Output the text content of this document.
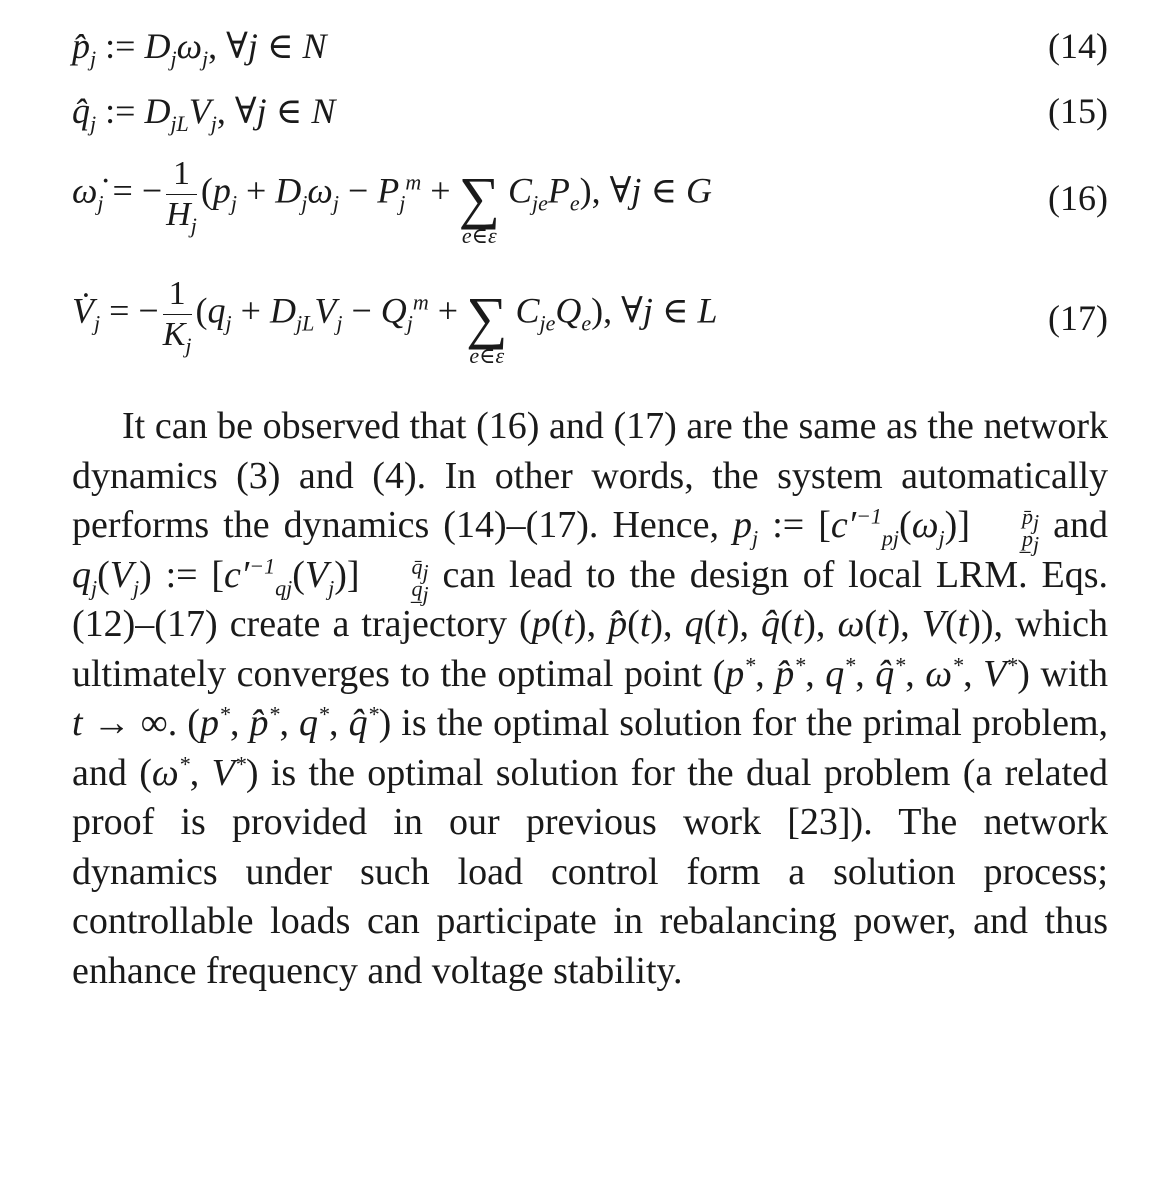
$p̂_j$ := $D_j\omega_j$, ∀j ∈ N	(14)
$q̂_j$ := $D_{jL}V_j$, ∀j ∈ N	(15)
$\omegȧ_j$ = − $\frac{1}{H_j} (p_j + D_j\omega_j - P_j^m$ + ∑
e∈ε
$C_{je}P_e$), ∀j ∈ G	(16)
$V̇_j$ = − $\frac{1}{K_j} (q_j + D_{jL}V_j - Q_j^m$ + ∑
e∈ε
$C_{je}Q_e$), ∀j ∈ L	(17)

It can be observed that (16) and (17) are the same as the network dynamics (3) and (4). In other words, the system automatically performs the dynamics (14)–(17). Hence, $p_j$ := $[c'^{-1}_{pj}(\omega_j)]$	$p̄_j$
$p̲_j$ and $q_j(V_j)$ := $[c'^{-1}_{qj}(V_j)]$	$q̄_j$
$q̲_j$ can lead to the design of local LRM. Eqs. (12)–(17) create a trajectory (p(t), p̂(t), q(t), q̂(t), ω(t), V(t)), which ultimately converges to the optimal point (p*, p̂*, q*, q̂*, ω*, V*) with t → ∞. (p*, p̂*, q*, q̂*) is the optimal solution for the primal problem, and (ω*, V*) is the optimal solution for the dual problem (a related proof is provided in our previous work [23]). The network dynamics under such load control form a solution process; controllable loads can participate in rebalancing power, and thus enhance frequency and voltage stability.
